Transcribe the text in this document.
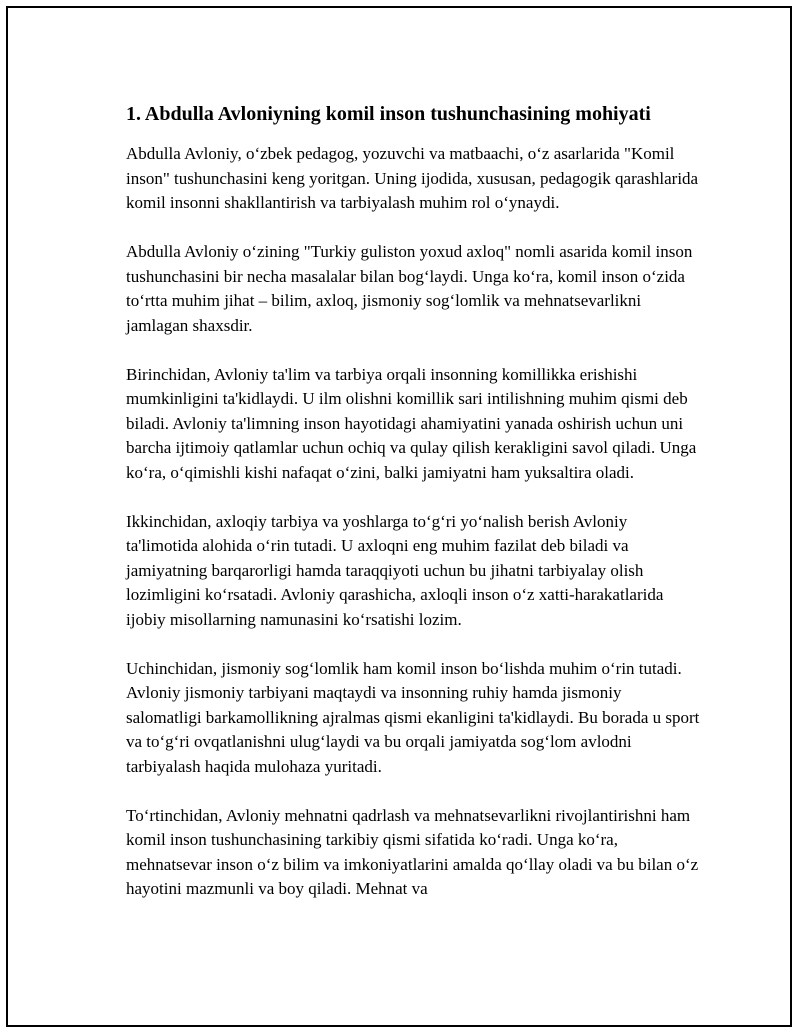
1. Abdulla Avloniyning komil inson tushunchasining mohiyati

Abdulla Avloniy, o‘zbek pedagog, yozuvchi va matbaachi, o‘z asarlarida "Komil inson" tushunchasini keng yoritgan. Uning ijodida, xususan, pedagogik qarashlarida komil insonni shakllantirish va tarbiyalash muhim rol o‘ynaydi.

Abdulla Avloniy o‘zining "Turkiy guliston yoxud axloq" nomli asarida komil inson tushunchasini bir necha masalalar bilan bog‘laydi. Unga ko‘ra, komil inson o‘zida to‘rtta muhim jihat – bilim, axloq, jismoniy sog‘lomlik va mehnatsevarlikni jamlagan shaxsdir.

Birinchidan, Avloniy ta'lim va tarbiya orqali insonning komillikka erishishi mumkinligini ta'kidlaydi. U ilm olishni komillik sari intilishning muhim qismi deb biladi. Avloniy ta'limning inson hayotidagi ahamiyatini yanada oshirish uchun uni barcha ijtimoiy qatlamlar uchun ochiq va qulay qilish kerakligini savol qiladi. Unga ko‘ra, o‘qimishli kishi nafaqat o‘zini, balki jamiyatni ham yuksaltira oladi.

Ikkinchidan, axloqiy tarbiya va yoshlarga to‘g‘ri yo‘nalish berish Avloniy ta'limotida alohida o‘rin tutadi. U axloqni eng muhim fazilat deb biladi va jamiyatning barqarorligi hamda taraqqiyoti uchun bu jihatni tarbiyalay olish lozimligini ko‘rsatadi. Avloniy qarashicha, axloqli inson o‘z xatti-harakatlarida ijobiy misollarning namunasini ko‘rsatishi lozim.

Uchinchidan, jismoniy sog‘lomlik ham komil inson bo‘lishda muhim o‘rin tutadi. Avloniy jismoniy tarbiyani maqtaydi va insonning ruhiy hamda jismoniy salomatligi barkamollikning ajralmas qismi ekanligini ta'kidlaydi. Bu borada u sport va to‘g‘ri ovqatlanishni ulug‘laydi va bu orqali jamiyatda sog‘lom avlodni tarbiyalash haqida mulohaza yuritadi.

To‘rtinchidan, Avloniy mehnatni qadrlash va mehnatsevarlikni rivojlantirishni ham komil inson tushunchasining tarkibiy qismi sifatida ko‘radi. Unga ko‘ra, mehnatsevar inson o‘z bilim va imkoniyatlarini amalda qo‘llay oladi va bu bilan o‘z hayotini mazmunli va boy qiladi. Mehnat va
